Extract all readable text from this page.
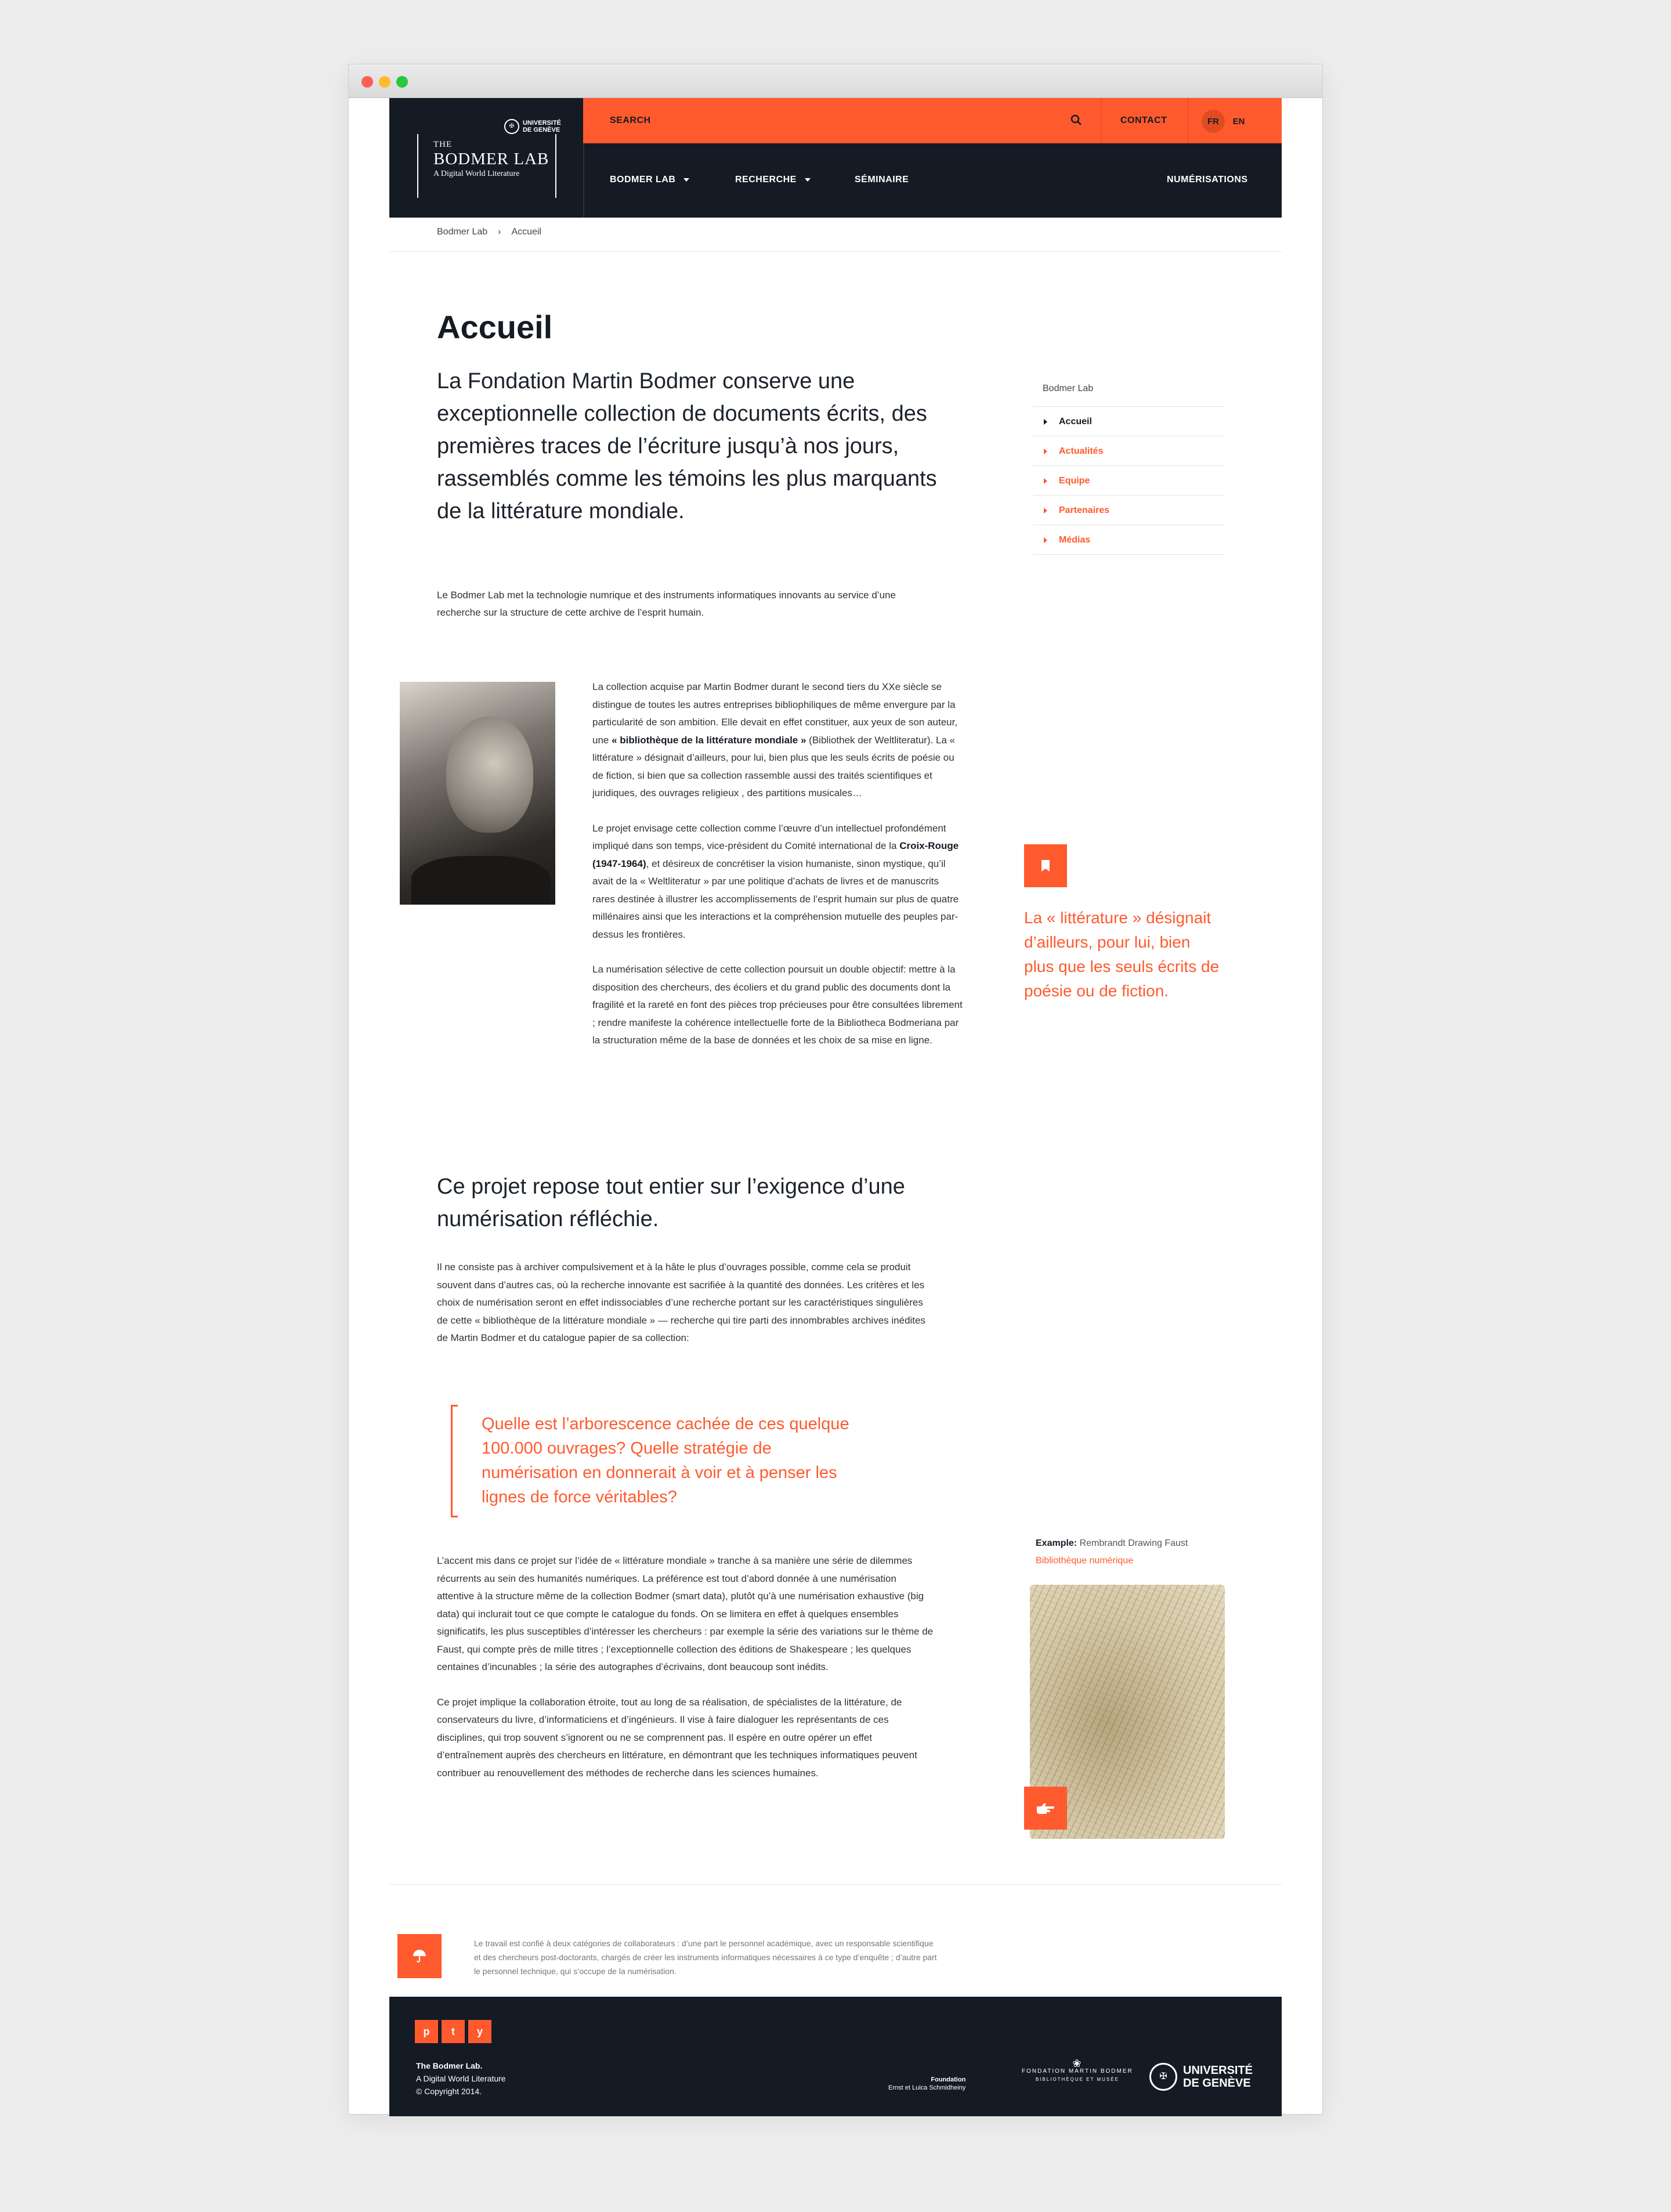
✠	UNIVERSITÉ
DE GENÈVE
THE
BODMER LAB
A Digital World Literature
SEARCH	CONTACT	FR	EN
BODMER LAB	RECHERCHE	SÉMINAIRE	NUMÉRISATIONS
Bodmer Lab › Accueil
Accueil
La Fondation Martin Bodmer conserve une exceptionnelle collection de documents écrits, des premières traces de l’écriture jusqu’à nos jours, rassemblés comme les témoins les plus marquants de la littérature mondiale.
Le Bodmer Lab met la technologie numrique et des instruments informatiques innovants au service d’une recherche sur la structure de cette archive de l’esprit humain.
Bodmer Lab
Accueil
Actualités
Equipe
Partenaires
Médias

La collection acquise par Martin Bodmer durant le second tiers du XXe siècle se distingue de toutes les autres entreprises bibliophiliques de même envergure par la particularité de son ambition. Elle devait en effet constituer, aux yeux de son auteur, une « bibliothèque de la littérature mondiale » (Bibliothek der Weltliteratur). La « littérature » désignait d’ailleurs, pour lui, bien plus que les seuls écrits de poésie ou de fiction, si bien que sa collection rassemble aussi des traités scientifiques et juridiques, des ouvrages religieux , des partitions musicales…

Le projet envisage cette collection comme l’œuvre d’un intellectuel profondément impliqué dans son temps, vice-président du Comité international de la Croix-Rouge (1947-1964), et désireux de concrétiser la vision humaniste, sinon mystique, qu’il avait de la « Weltliteratur » par une politique d’achats de livres et de manuscrits rares destinée à illustrer les accomplissements de l’esprit humain sur plus de quatre millénaires ainsi que les interactions et la compréhension mutuelle des peuples par- dessus les frontières.

La numérisation sélective de cette collection poursuit un double objectif: mettre à la disposition des chercheurs, des écoliers et du grand public des documents dont la fragilité et la rareté en font des pièces trop précieuses pour être consultées librement ; rendre manifeste la cohérence intellectuelle forte de la Bibliotheca Bodmeriana par la structuration même de la base de données et les choix de sa mise en ligne.

La « littérature » désignait d’ailleurs, pour lui, bien plus que les seuls écrits de poésie ou de fiction.
Ce projet repose tout entier sur l’exigence d’une numérisation réfléchie.
Il ne consiste pas à archiver compulsivement et à la hâte le plus d’ouvrages possible, comme cela se produit souvent dans d’autres cas, où la recherche innovante est sacrifiée à la quantité des données. Les critères et les choix de numérisation seront en effet indissociables d’une recherche portant sur les caractéristiques singulières de cette « bibliothèque de la littérature mondiale » — recherche qui tire parti des innombrables archives inédites de Martin Bodmer et du catalogue papier de sa collection:
Quelle est l’arborescence cachée de ces quelque 100.000 ouvrages? Quelle stratégie de numérisation en donnerait à voir et à penser les lignes de force véritables?

L’accent mis dans ce projet sur l’idée de « littérature mondiale » tranche à sa manière une série de dilemmes récurrents au sein des humanités numériques. La préférence est tout d’abord donnée à une numérisation attentive à la structure même de la collection Bodmer (smart data), plutôt qu’à une numérisation exhaustive (big data) qui inclurait tout ce que compte le catalogue du fonds. On se limitera en effet à quelques ensembles significatifs, les plus susceptibles d’intéresser les chercheurs : par exemple la série des variations sur le thème de Faust, qui compte près de mille titres ; l’exceptionnelle collection des éditions de Shakespeare ; les quelques centaines d’incunables ; la série des autographes d’écrivains, dont beaucoup sont inédits.

Ce projet implique la collaboration étroite, tout au long de sa réalisation, de spécialistes de la littérature, de conservateurs du livre, d’informaticiens et d’ingénieurs. Il vise à faire dialoguer les représentants de ces disciplines, qui trop souvent s’ignorent ou ne se comprennent pas. Il espère en outre opérer un effet d’entraînement auprès des chercheurs en littérature, en démontrant que les techniques informatiques peuvent contribuer au renouvellement des méthodes de recherche dans les sciences humaines.

Example: Rembrandt Drawing Faust
Bibliothèque numérique
Le travail est confié à deux catégories de collaborateurs : d’une part le personnel académique, avec un responsable scientifique et des chercheurs post-doctorants, chargés de créer les instruments informatiques nécessaires à ce type d’enquête ; d’autre part le personnel technique, qui s’occupe de la numérisation.
p	t	y
The Bodmer Lab.
A Digital World Literature
© Copyright 2014.
Foundation
Ernst et Luica Schmidheiny
❀
FONDATION MARTIN BODMER
BIBLIOTHÈQUE ET MUSÉE	✠	UNIVERSITÉ
DE GENÈVE
